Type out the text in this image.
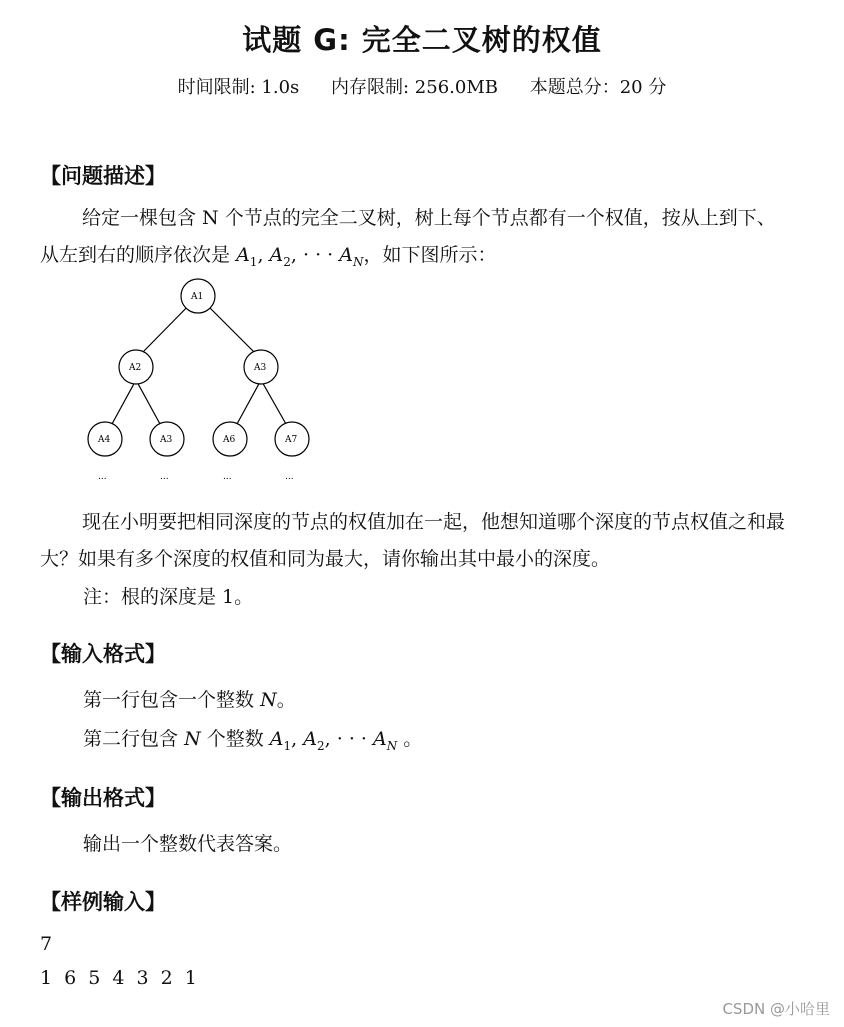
试题 G: 完全二叉树的权值
时间限制: 1.0s 内存限制: 256.0MB 本题总分：20 分
【问题描述】
给定一棵包含 N 个节点的完全二叉树，树上每个节点都有一个权值，按从上到下、从左到右的顺序依次是 $A_1$, $A_2$, · · · $A_N$，如下图所示：
A1
A2	A3
A4	A3	A6	A7
...	...	...	...
现在小明要把相同深度的节点的权值加在一起，他想知道哪个深度的节点权值之和最大？如果有多个深度的权值和同为最大，请你输出其中最小的深度。
注：根的深度是 1。
【输入格式】
第一行包含一个整数 N。
第二行包含 N 个整数 $A_1$, $A_2$, · · · $A_N$ 。
【输出格式】
输出一个整数代表答案。
【样例输入】
7
1 6 5 4 3 2 1
CSDN @小哈里
